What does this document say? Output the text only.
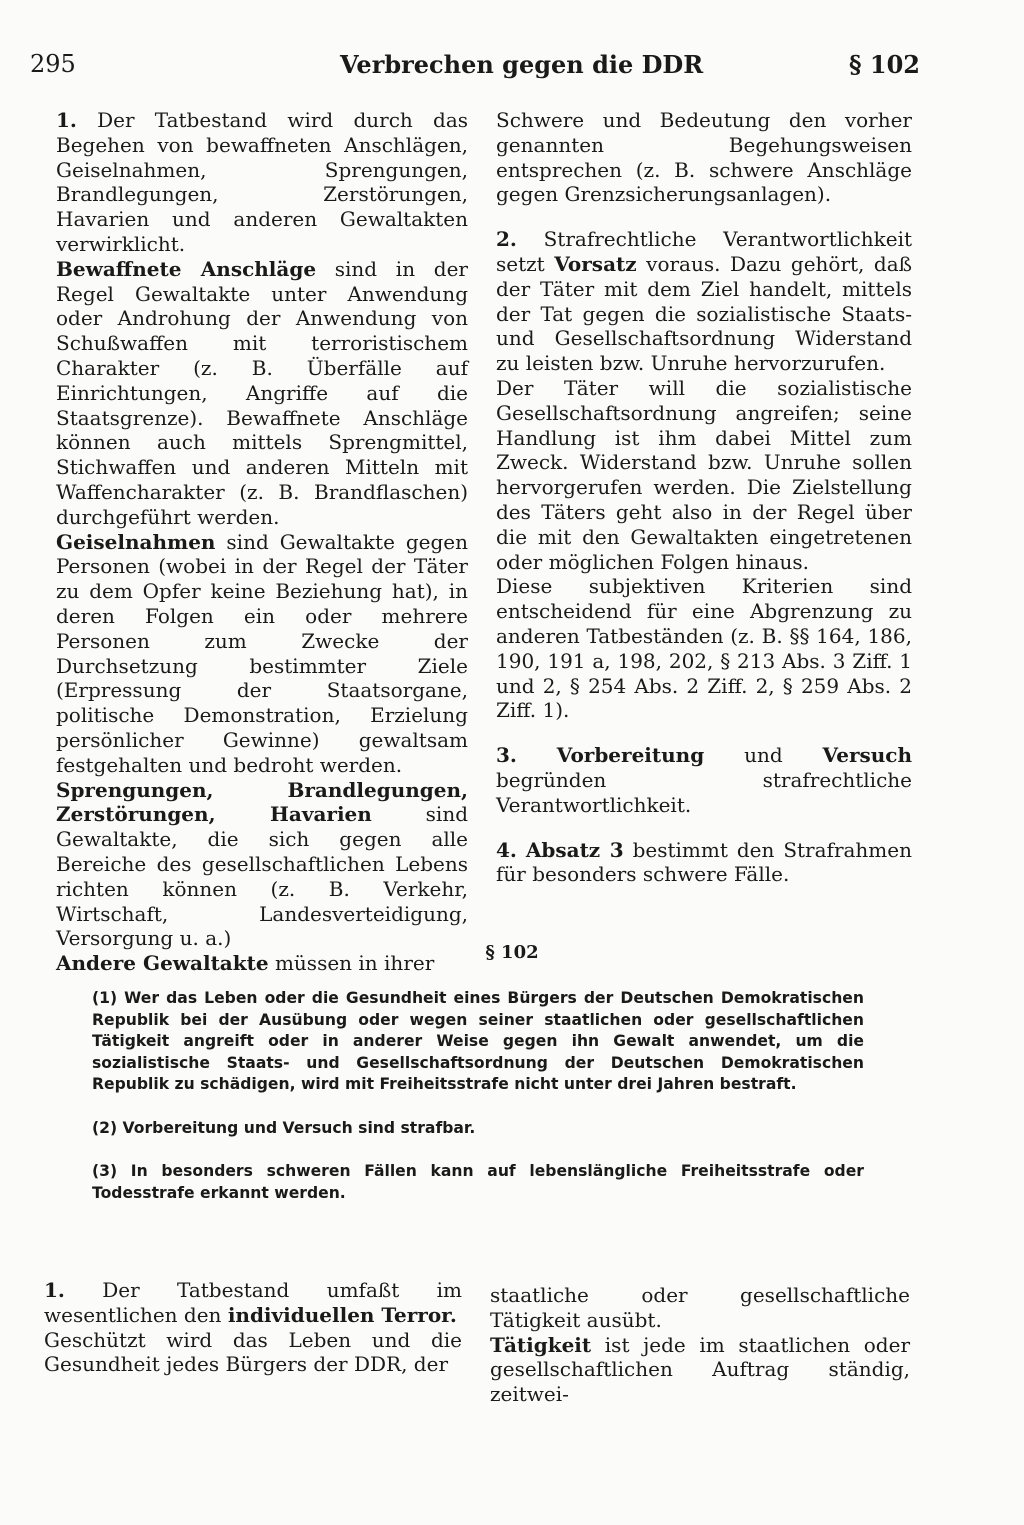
295	Verbrechen gegen die DDR	§ 102

1. Der Tatbestand wird durch das Begehen von bewaffneten Anschlägen, Geiselnahmen, Sprengungen, Brandlegungen, Zerstörungen, Havarien und anderen Gewaltakten verwirklicht.

Bewaffnete Anschläge sind in der Regel Gewaltakte unter Anwendung oder Androhung der Anwendung von Schußwaffen mit terroristischem Charakter (z. B. Überfälle auf Einrichtungen, Angriffe auf die Staatsgrenze). Bewaffnete Anschläge können auch mittels Sprengmittel, Stichwaffen und anderen Mitteln mit Waffencharakter (z. B. Brandflaschen) durchgeführt werden.

Geiselnahmen sind Gewaltakte gegen Personen (wobei in der Regel der Täter zu dem Opfer keine Beziehung hat), in deren Folgen ein oder mehrere Personen zum Zwecke der Durchsetzung bestimmter Ziele (Erpressung der Staatsorgane, politische Demonstration, Erzielung persönlicher Gewinne) gewaltsam festgehalten und bedroht werden.

Sprengungen, Brandlegungen, Zerstörungen, Havarien	sind Gewaltakte, die sich gegen alle Bereiche des gesellschaftlichen Lebens richten können (z. B. Verkehr, Wirtschaft, Landesverteidigung, Versorgung u. a.)

Andere Gewaltakte müssen in ihrer

Schwere und Bedeutung den vorher genannten Begehungsweisen entsprechen (z. B. schwere Anschläge gegen Grenzsicherungsanlagen).

2. Strafrechtliche Verantwortlichkeit setzt Vorsatz voraus. Dazu gehört, daß der Täter mit dem Ziel handelt, mittels der Tat gegen die sozialistische Staats- und Gesellschaftsordnung Widerstand zu leisten bzw. Unruhe hervorzurufen.

Der Täter will die sozialistische Gesellschaftsordnung angreifen; seine Handlung ist ihm dabei Mittel zum Zweck. Widerstand bzw. Unruhe sollen hervorgerufen werden. Die Zielstellung des Täters geht also in der Regel über die mit den Gewaltakten eingetretenen oder möglichen Folgen hinaus.

Diese subjektiven Kriterien sind entscheidend für eine Abgrenzung zu anderen Tatbeständen (z. B. §§ 164, 186, 190, 191 a, 198, 202, § 213 Abs. 3 Ziff. 1 und 2, § 254 Abs. 2 Ziff. 2, § 259 Abs. 2 Ziff. 1).

3. Vorbereitung und Versuch begründen strafrechtliche Verantwortlichkeit.

4. Absatz 3 bestimmt den Strafrahmen für besonders schwere Fälle.

§ 102

(1) Wer das Leben oder die Gesundheit eines Bürgers der Deutschen Demokratischen Republik bei der Ausübung oder wegen seiner staatlichen oder gesellschaftlichen Tätigkeit angreift oder in anderer Weise gegen ihn Gewalt anwendet, um die sozialistische Staats- und Gesellschaftsordnung der Deutschen Demokratischen Republik zu schädigen, wird mit Freiheitsstrafe nicht unter drei Jahren bestraft.

(2) Vorbereitung und Versuch sind strafbar.

(3) In besonders schweren Fällen kann auf lebenslängliche Freiheitsstrafe oder Todesstrafe erkannt werden.

1. Der Tatbestand umfaßt im wesentlichen den individuellen Terror.

Geschützt wird das Leben und die Gesundheit jedes Bürgers der DDR, der

staatliche oder gesellschaftliche Tätigkeit ausübt.

Tätigkeit ist jede im staatlichen oder gesellschaftlichen Auftrag ständig, zeitwei-
